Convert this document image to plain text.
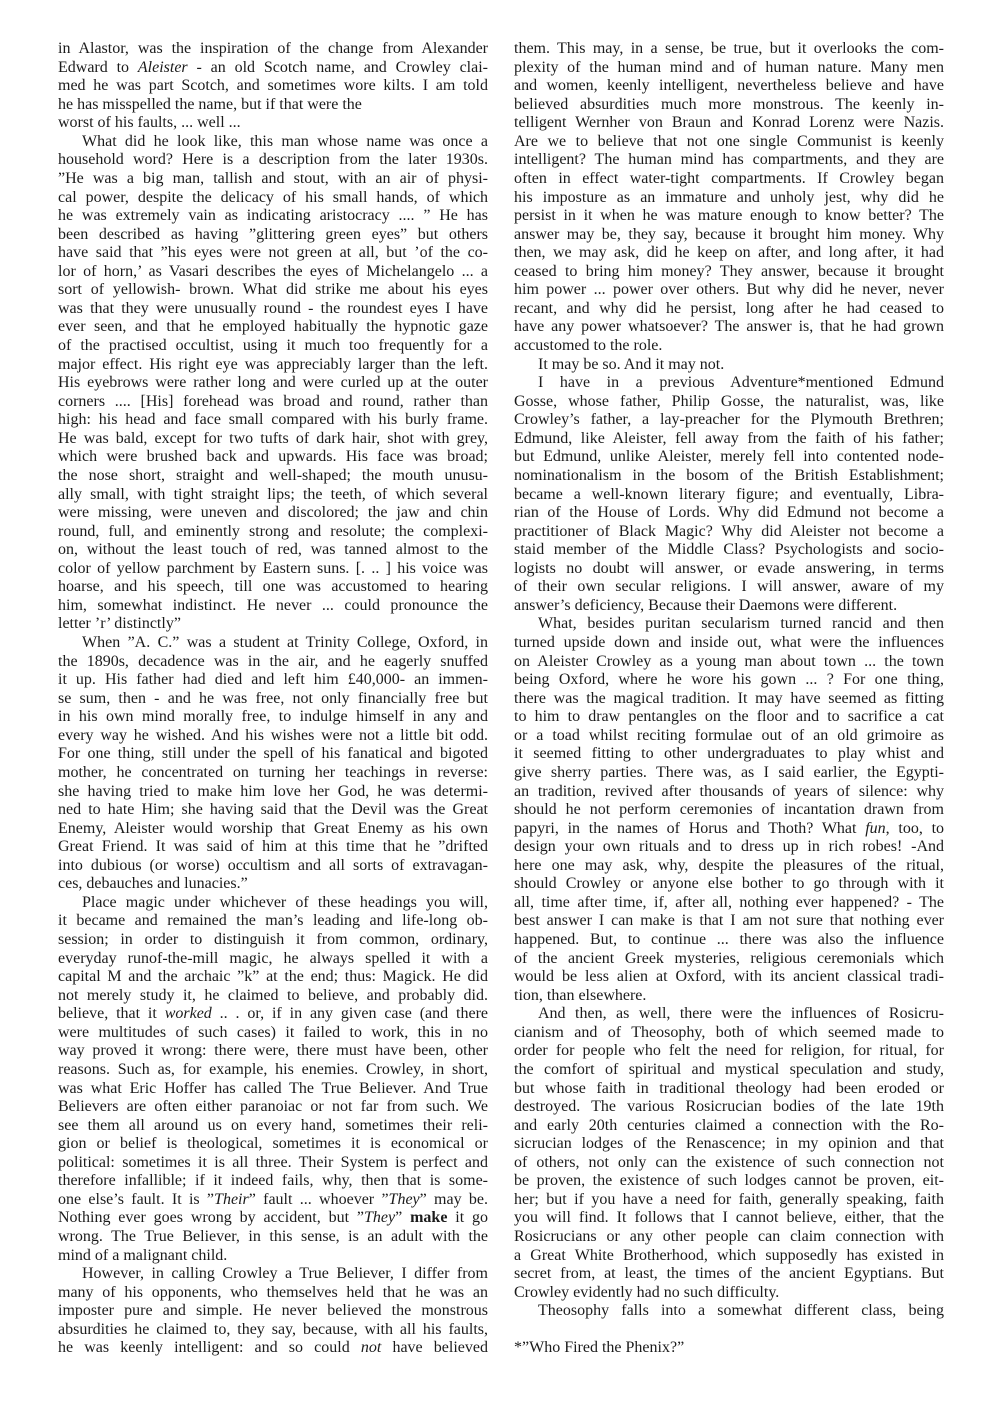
in Alastor, was the inspiration of the change from Alexander
Edward to Aleister - an old Scotch name, and Crowley clai-
med he was part Scotch, and sometimes wore kilts. I am told
he has misspelled the name, but if that were the
worst of his faults, ... well ...
What did he look like, this man whose name was once a
household word? Here is a description from the later 1930s.
”He was a big man, tallish and stout, with an air of physi-
cal power, despite the delicacy of his small hands, of which
he was extremely vain as indicating aristocracy .... ” He has
been described as having ”glittering green eyes” but others
have said that ”his eyes were not green at all, but ’of the co-
lor of horn,’ as Vasari describes the eyes of Michelangelo ... a
sort of yellowish- brown. What did strike me about his eyes
was that they were unusually round - the roundest eyes I have
ever seen, and that he employed habitually the hypnotic gaze
of the practised occultist, using it much too frequently for a
major effect. His right eye was appreciably larger than the left.
His eyebrows were rather long and were curled up at the outer
corners .... [His] forehead was broad and round, rather than
high: his head and face small compared with his burly frame.
He was bald, except for two tufts of dark hair, shot with grey,
which were brushed back and upwards. His face was broad;
the nose short, straight and well-shaped; the mouth unusu-
ally small, with tight straight lips; the teeth, of which several
were missing, were uneven and discolored; the jaw and chin
round, full, and eminently strong and resolute; the complexi-
on, without the least touch of red, was tanned almost to the
color of yellow parchment by Eastern suns. [. .. ] his voice was
hoarse, and his speech, till one was accustomed to hearing
him, somewhat indistinct. He never ... could pronounce the
letter ’r’ distinctly”
When ”A. C.” was a student at Trinity College, Oxford, in
the 1890s, decadence was in the air, and he eagerly snuffed
it up. His father had died and left him £40,000- an immen-
se sum, then - and he was free, not only financially free but
in his own mind morally free, to indulge himself in any and
every way he wished. And his wishes were not a little bit odd.
For one thing, still under the spell of his fanatical and bigoted
mother, he concentrated on turning her teachings in reverse:
she having tried to make him love her God, he was determi-
ned to hate Him; she having said that the Devil was the Great
Enemy, Aleister would worship that Great Enemy as his own
Great Friend. It was said of him at this time that he ”drifted
into dubious (or worse) occultism and all sorts of extravagan-
ces, debauches and lunacies.”
Place magic under whichever of these headings you will,
it became and remained the man’s leading and life-long ob-
session; in order to distinguish it from common, ordinary,
everyday runof-the-mill magic, he always spelled it with a
capital M and the archaic ”k” at the end; thus: Magick. He did
not merely study it, he claimed to believe, and probably did.
believe, that it worked .. . or, if in any given case (and there
were multitudes of such cases) it failed to work, this in no
way proved it wrong: there were, there must have been, other
reasons. Such as, for example, his enemies. Crowley, in short,
was what Eric Hoffer has called The True Believer. And True
Believers are often either paranoiac or not far from such. We
see them all around us on every hand, sometimes their reli-
gion or belief is theological, sometimes it is economical or
political: sometimes it is all three. Their System is perfect and
therefore infallible; if it indeed fails, why, then that is some-
one else’s fault. It is ”Their” fault ... whoever ”They” may be.
Nothing ever goes wrong by accident, but ”They” make it go
wrong. The True Believer, in this sense, is an adult with the
mind of a malignant child.
However, in calling Crowley a True Believer, I differ from
many of his opponents, who themselves held that he was an
imposter pure and simple. He never believed the monstrous
absurdities he claimed to, they say, because, with all his faults,
he was keenly intelligent: and so could not have believed
them. This may, in a sense, be true, but it overlooks the com-
plexity of the human mind and of human nature. Many men
and women, keenly intelligent, nevertheless believe and have
believed absurdities much more monstrous. The keenly in-
telligent Wernher von Braun and Konrad Lorenz were Nazis.
Are we to believe that not one single Communist is keenly
intelligent? The human mind has compartments, and they are
often in effect water-tight compartments. If Crowley began
his imposture as an immature and unholy jest, why did he
persist in it when he was mature enough to know better? The
answer may be, they say, because it brought him money. Why
then, we may ask, did he keep on after, and long after, it had
ceased to bring him money? They answer, because it brought
him power ... power over others. But why did he never, never
recant, and why did he persist, long after he had ceased to
have any power whatsoever? The answer is, that he had grown
accustomed to the role.
It may be so. And it may not.
I have in a previous Adventure*mentioned Edmund
Gosse, whose father, Philip Gosse, the naturalist, was, like
Crowley’s father, a lay-preacher for the Plymouth Brethren;
Edmund, like Aleister, fell away from the faith of his father;
but Edmund, unlike Aleister, merely fell into contented node-
nominationalism in the bosom of the British Establishment;
became a well-known literary figure; and eventually, Libra-
rian of the House of Lords. Why did Edmund not become a
practitioner of Black Magic? Why did Aleister not become a
staid member of the Middle Class? Psychologists and socio-
logists no doubt will answer, or evade answering, in terms
of their own secular religions. I will answer, aware of my
answer’s deficiency, Because their Daemons were different.
What, besides puritan secularism turned rancid and then
turned upside down and inside out, what were the influences
on Aleister Crowley as a young man about town ... the town
being Oxford, where he wore his gown ... ? For one thing,
there was the magical tradition. It may have seemed as fitting
to him to draw pentangles on the floor and to sacrifice a cat
or a toad whilst reciting formulae out of an old grimoire as
it seemed fitting to other undergraduates to play whist and
give sherry parties. There was, as I said earlier, the Egypti-
an tradition, revived after thousands of years of silence: why
should he not perform ceremonies of incantation drawn from
papyri, in the names of Horus and Thoth? What fun, too, to
design your own rituals and to dress up in rich robes! -And
here one may ask, why, despite the pleasures of the ritual,
should Crowley or anyone else bother to go through with it
all, time after time, if, after all, nothing ever happened? - The
best answer I can make is that I am not sure that nothing ever
happened. But, to continue ... there was also the influence
of the ancient Greek mysteries, religious ceremonials which
would be less alien at Oxford, with its ancient classical tradi-
tion, than elsewhere.
And then, as well, there were the influences of Rosicru-
cianism and of Theosophy, both of which seemed made to
order for people who felt the need for religion, for ritual, for
the comfort of spiritual and mystical speculation and study,
but whose faith in traditional theology had been eroded or
destroyed. The various Rosicrucian bodies of the late 19th
and early 20th centuries claimed a connection with the Ro-
sicrucian lodges of the Renascence; in my opinion and that
of others, not only can the existence of such connection not
be proven, the existence of such lodges cannot be proven, eit-
her; but if you have a need for faith, generally speaking, faith
you will find. It follows that I cannot believe, either, that the
Rosicrucians or any other people can claim connection with
a Great White Brotherhood, which supposedly has existed in
secret from, at least, the times of the ancient Egyptians. But
Crowley evidently had no such difficulty.
Theosophy falls into a somewhat different class, being

*”Who Fired the Phenix?”
